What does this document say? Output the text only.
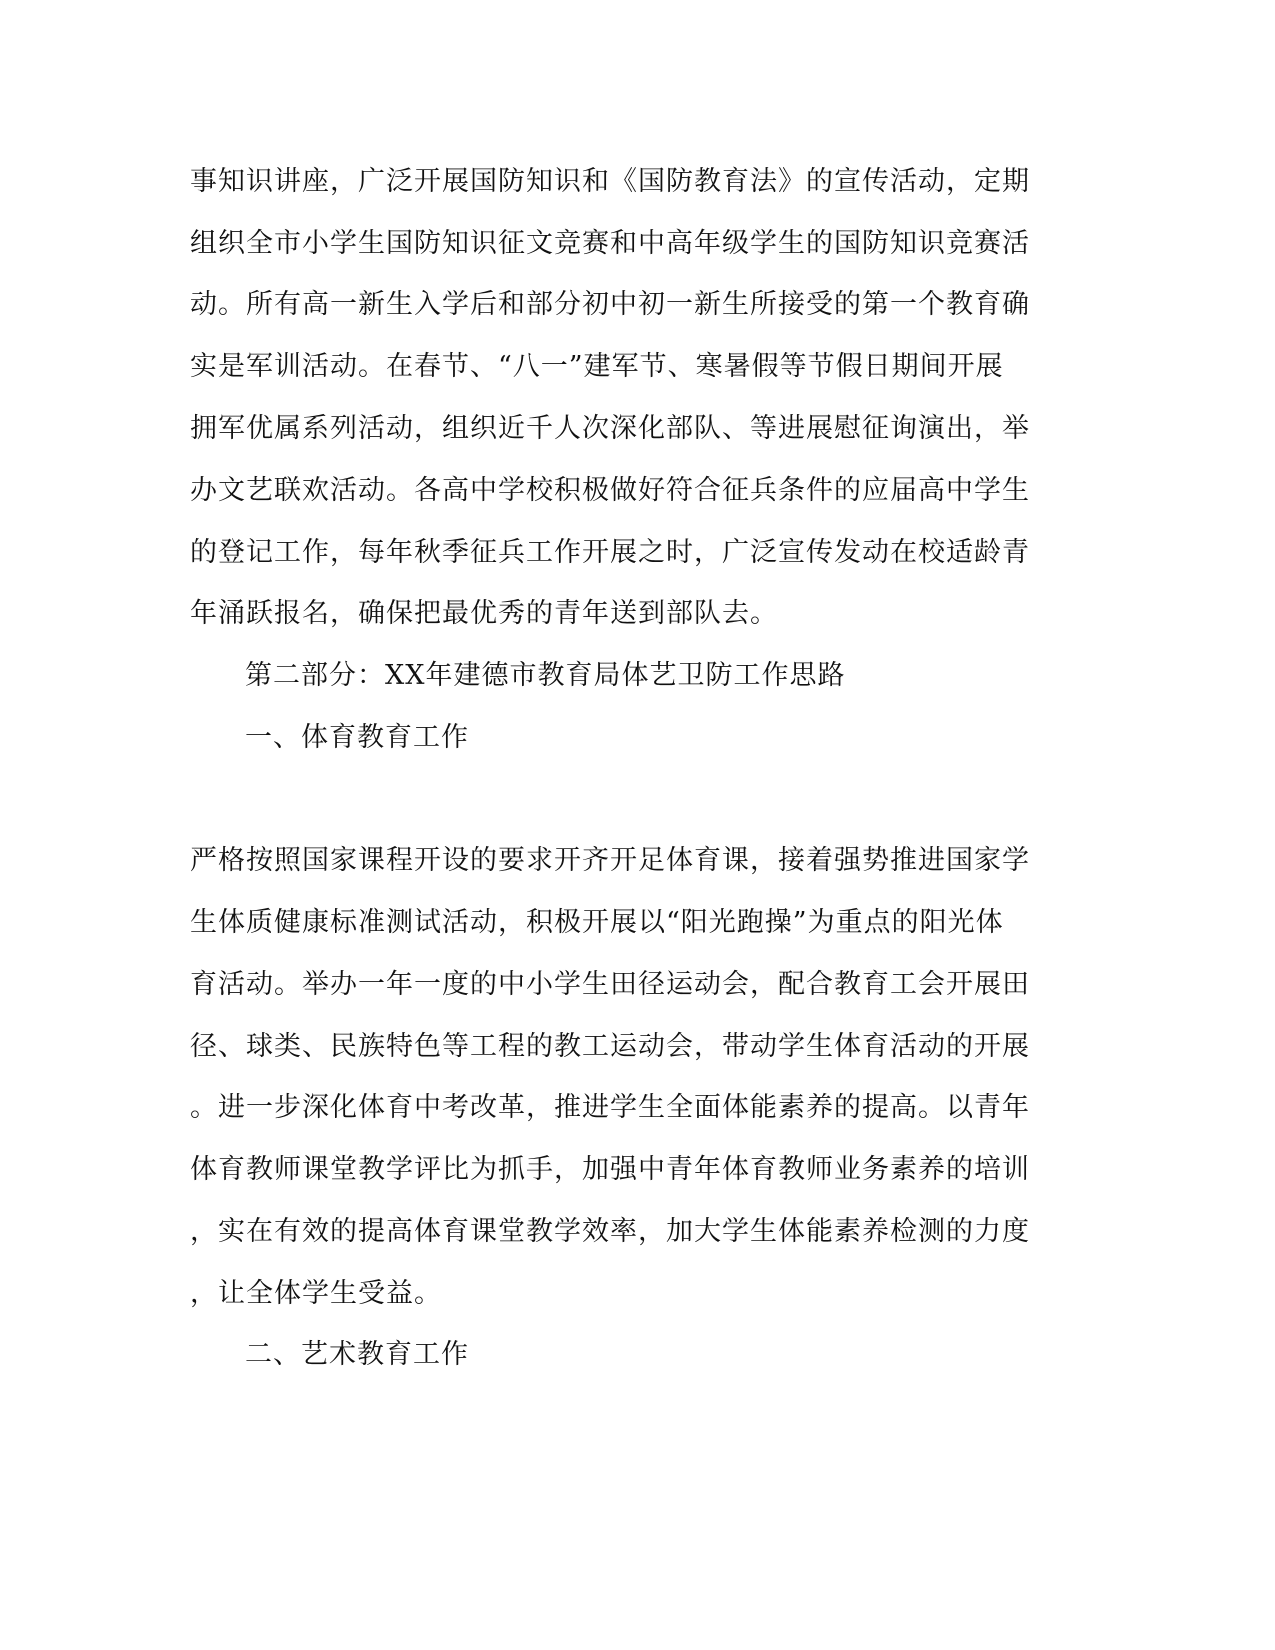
事知识讲座，广泛开展国防知识和《国防教育法》的宣传活动，定期

组织全市小学生国防知识征文竞赛和中高年级学生的国防知识竞赛活

动。所有高一新生入学后和部分初中初一新生所接受的第一个教育确

实是军训活动。在春节、“八一”建军节、寒暑假等节假日期间开展

拥军优属系列活动，组织近千人次深化部队、等进展慰征询演出，举

办文艺联欢活动。各高中学校积极做好符合征兵条件的应届高中学生

的登记工作，每年秋季征兵工作开展之时，广泛宣传发动在校适龄青

年涌跃报名，确保把最优秀的青年送到部队去。

第二部分：XX年建德市教育局体艺卫防工作思路

一、体育教育工作

严格按照国家课程开设的要求开齐开足体育课，接着强势推进国家学

生体质健康标准测试活动，积极开展以“阳光跑操”为重点的阳光体

育活动。举办一年一度的中小学生田径运动会，配合教育工会开展田

径、球类、民族特色等工程的教工运动会，带动学生体育活动的开展

。进一步深化体育中考改革，推进学生全面体能素养的提高。以青年

体育教师课堂教学评比为抓手，加强中青年体育教师业务素养的培训

，实在有效的提高体育课堂教学效率，加大学生体能素养检测的力度

，让全体学生受益。

二、艺术教育工作
